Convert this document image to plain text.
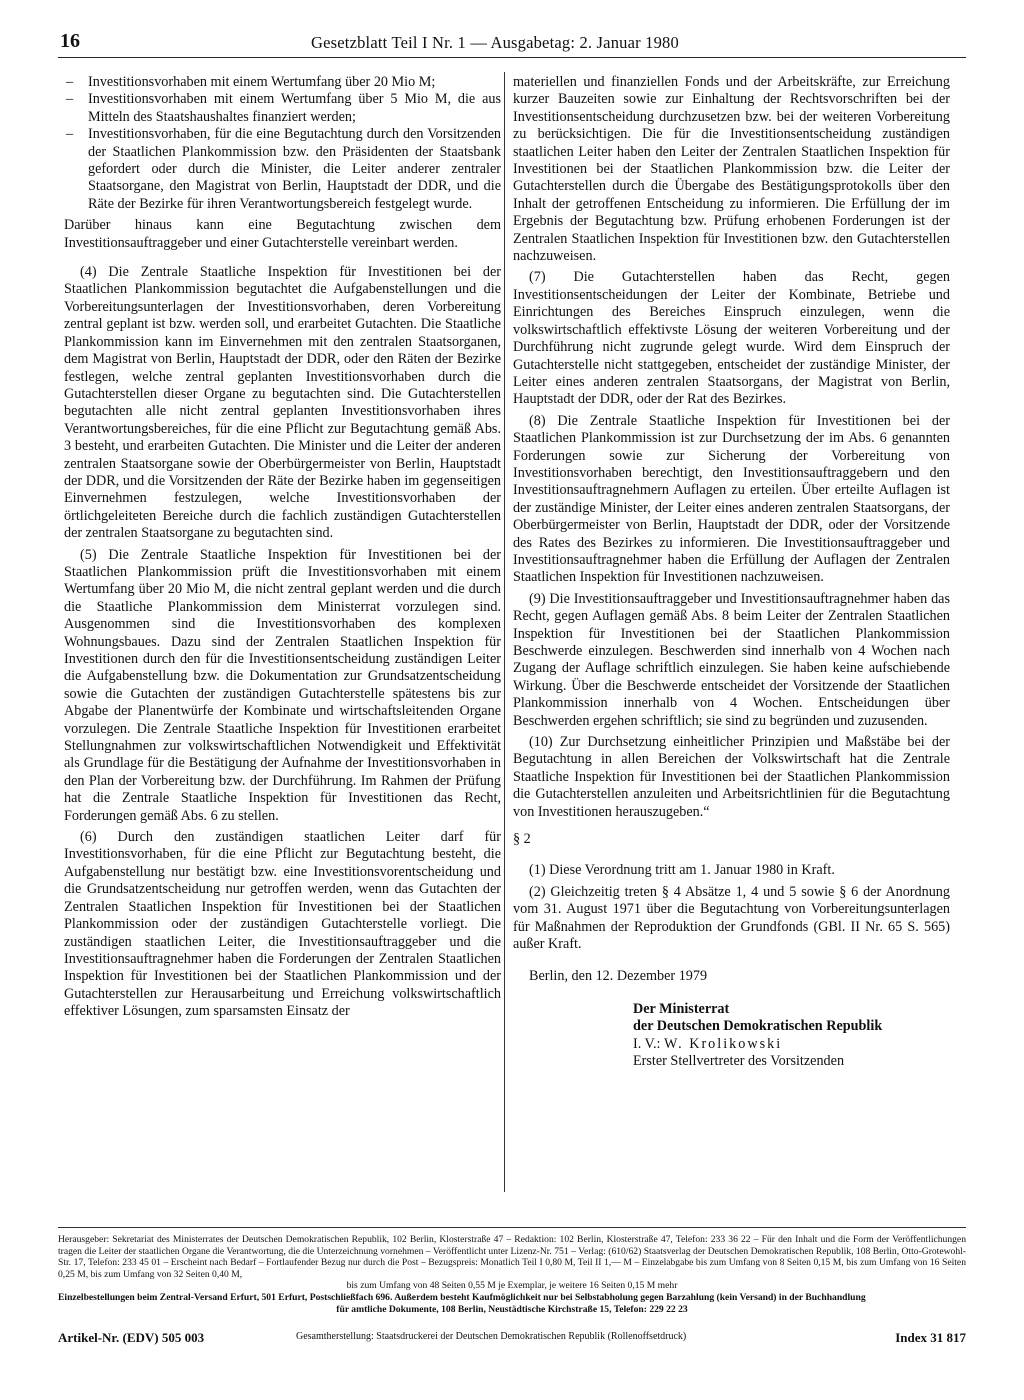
16	Gesetzblatt Teil I Nr. 1 — Ausgabetag: 2. Januar 1980
– Investitionsvorhaben mit einem Wertumfang über 20 Mio M;
– Investitionsvorhaben mit einem Wertumfang über 5 Mio M, die aus Mitteln des Staatshaushaltes finanziert werden;
– Investitionsvorhaben, für die eine Begutachtung durch den Vorsitzenden der Staatlichen Plankommission bzw. den Präsidenten der Staatsbank gefordert oder durch die Minister, die Leiter anderer zentraler Staatsorgane, den Magistrat von Berlin, Hauptstadt der DDR, und die Räte der Bezirke für ihren Verantwortungsbereich festgelegt wurde.

Darüber hinaus kann eine Begutachtung zwischen dem Investitionsauftraggeber und einer Gutachterstelle vereinbart werden.

(4) Die Zentrale Staatliche Inspektion für Investitionen bei der Staatlichen Plankommission begutachtet die Aufgabenstellungen und die Vorbereitungsunterlagen der Investitionsvorhaben, deren Vorbereitung zentral geplant ist bzw. werden soll, und erarbeitet Gutachten. Die Staatliche Plankommission kann im Einvernehmen mit den zentralen Staatsorganen, dem Magistrat von Berlin, Hauptstadt der DDR, oder den Räten der Bezirke festlegen, welche zentral geplanten Investitionsvorhaben durch die Gutachterstellen dieser Organe zu begutachten sind. Die Gutachterstellen begutachten alle nicht zentral geplanten Investitionsvorhaben ihres Verantwortungsbereiches, für die eine Pflicht zur Begutachtung gemäß Abs. 3 besteht, und erarbeiten Gutachten. Die Minister und die Leiter der anderen zentralen Staatsorgane sowie der Oberbürgermeister von Berlin, Hauptstadt der DDR, und die Vorsitzenden der Räte der Bezirke haben im gegenseitigen Einvernehmen festzulegen, welche Investitionsvorhaben der örtlichgeleiteten Bereiche durch die fachlich zuständigen Gutachterstellen der zentralen Staatsorgane zu begutachten sind.

(5) Die Zentrale Staatliche Inspektion für Investitionen bei der Staatlichen Plankommission prüft die Investitionsvorhaben mit einem Wertumfang über 20 Mio M, die nicht zentral geplant werden und die durch die Staatliche Plankommission dem Ministerrat vorzulegen sind. Ausgenommen sind die Investitionsvorhaben des komplexen Wohnungsbaues. Dazu sind der Zentralen Staatlichen Inspektion für Investitionen durch den für die Investitionsentscheidung zuständigen Leiter die Aufgabenstellung bzw. die Dokumentation zur Grundsatzentscheidung sowie die Gutachten der zuständigen Gutachterstelle spätestens bis zur Abgabe der Planentwürfe der Kombinate und wirtschaftsleitenden Organe vorzulegen. Die Zentrale Staatliche Inspektion für Investitionen erarbeitet Stellungnahmen zur volkswirtschaftlichen Notwendigkeit und Effektivität als Grundlage für die Bestätigung der Aufnahme der Investitionsvorhaben in den Plan der Vorbereitung bzw. der Durchführung. Im Rahmen der Prüfung hat die Zentrale Staatliche Inspektion für Investitionen das Recht, Forderungen gemäß Abs. 6 zu stellen.

(6) Durch den zuständigen staatlichen Leiter darf für Investitionsvorhaben, für die eine Pflicht zur Begutachtung besteht, die Aufgabenstellung nur bestätigt bzw. eine Investitionsvorentscheidung und die Grundsatzentscheidung nur getroffen werden, wenn das Gutachten der Zentralen Staatlichen Inspektion für Investitionen bei der Staatlichen Plankommission oder der zuständigen Gutachterstelle vorliegt. Die zuständigen staatlichen Leiter, die Investitionsauftraggeber und die Investitionsauftragnehmer haben die Forderungen der Zentralen Staatlichen Inspektion für Investitionen bei der Staatlichen Plankommission und der Gutachterstellen zur Herausarbeitung und Erreichung volkswirtschaftlich effektiver Lösungen, zum sparsamsten Einsatz der

materiellen und finanziellen Fonds und der Arbeitskräfte, zur Erreichung kurzer Bauzeiten sowie zur Einhaltung der Rechtsvorschriften bei der Investitionsentscheidung durchzusetzen bzw. bei der weiteren Vorbereitung zu berücksichtigen. Die für die Investitionsentscheidung zuständigen staatlichen Leiter haben den Leiter der Zentralen Staatlichen Inspektion für Investitionen bei der Staatlichen Plankommission bzw. die Leiter der Gutachterstellen durch die Übergabe des Bestätigungsprotokolls über den Inhalt der getroffenen Entscheidung zu informieren. Die Erfüllung der im Ergebnis der Begutachtung bzw. Prüfung erhobenen Forderungen ist der Zentralen Staatlichen Inspektion für Investitionen bzw. den Gutachterstellen nachzuweisen.

(7) Die Gutachterstellen haben das Recht, gegen Investitionsentscheidungen der Leiter der Kombinate, Betriebe und Einrichtungen des Bereiches Einspruch einzulegen, wenn die volkswirtschaftlich effektivste Lösung der weiteren Vorbereitung und der Durchführung nicht zugrunde gelegt wurde. Wird dem Einspruch der Gutachterstelle nicht stattgegeben, entscheidet der zuständige Minister, der Leiter eines anderen zentralen Staatsorgans, der Magistrat von Berlin, Hauptstadt der DDR, oder der Rat des Bezirkes.

(8) Die Zentrale Staatliche Inspektion für Investitionen bei der Staatlichen Plankommission ist zur Durchsetzung der im Abs. 6 genannten Forderungen sowie zur Sicherung der Vorbereitung von Investitionsvorhaben berechtigt, den Investitionsauftraggebern und den Investitionsauftragnehmern Auflagen zu erteilen. Über erteilte Auflagen ist der zuständige Minister, der Leiter eines anderen zentralen Staatsorgans, der Oberbürgermeister von Berlin, Hauptstadt der DDR, oder der Vorsitzende des Rates des Bezirkes zu informieren. Die Investitionsauftraggeber und Investitionsauftragnehmer haben die Erfüllung der Auflagen der Zentralen Staatlichen Inspektion für Investitionen nachzuweisen.

(9) Die Investitionsauftraggeber und Investitionsauftragnehmer haben das Recht, gegen Auflagen gemäß Abs. 8 beim Leiter der Zentralen Staatlichen Inspektion für Investitionen bei der Staatlichen Plankommission Beschwerde einzulegen. Beschwerden sind innerhalb von 4 Wochen nach Zugang der Auflage schriftlich einzulegen. Sie haben keine aufschiebende Wirkung. Über die Beschwerde entscheidet der Vorsitzende der Staatlichen Plankommission innerhalb von 4 Wochen. Entscheidungen über Beschwerden ergehen schriftlich; sie sind zu begründen und zuzusenden.

(10) Zur Durchsetzung einheitlicher Prinzipien und Maßstäbe bei der Begutachtung in allen Bereichen der Volkswirtschaft hat die Zentrale Staatliche Inspektion für Investitionen bei der Staatlichen Plankommission die Gutachterstellen anzuleiten und Arbeitsrichtlinien für die Begutachtung von Investitionen herauszugeben.“

§ 2

(1) Diese Verordnung tritt am 1. Januar 1980 in Kraft.

(2) Gleichzeitig treten § 4 Absätze 1, 4 und 5 sowie § 6 der Anordnung vom 31. August 1971 über die Begutachtung von Vorbereitungsunterlagen für Maßnahmen der Reproduktion der Grundfonds (GBl. II Nr. 65 S. 565) außer Kraft.

Berlin, den 12. Dezember 1979

Der Ministerrat

der Deutschen Demokratischen Republik

I. V.: W. Krolikowski

Erster Stellvertreter des Vorsitzenden

Herausgeber: Sekretariat des Ministerrates der Deutschen Demokratischen Republik, 102 Berlin, Klosterstraße 47 – Redaktion: 102 Berlin, Klosterstraße 47, Telefon: 233 36 22 – Für den Inhalt und die Form der Veröffentlichungen tragen die Leiter der staatlichen Organe die Verantwortung, die die Unterzeichnung vornehmen – Veröffentlicht unter Lizenz-Nr. 751 – Verlag: (610/62) Staatsverlag der Deutschen Demokratischen Republik, 108 Berlin, Otto-Grotewohl-Str. 17, Telefon: 233 45 01 – Erscheint nach Bedarf – Fortlaufender Bezug nur durch die Post – Bezugspreis: Monatlich Teil I 0,80 M, Teil II 1,— M – Einzelabgabe bis zum Umfang von 8 Seiten 0,15 M, bis zum Umfang von 16 Seiten 0,25 M, bis zum Umfang von 32 Seiten 0,40 M,

bis zum Umfang von 48 Seiten 0,55 M je Exemplar, je weitere 16 Seiten 0,15 M mehr

Einzelbestellungen beim Zentral-Versand Erfurt, 501 Erfurt, Postschließfach 696. Außerdem besteht Kaufmöglichkeit nur bei Selbstabholung gegen Barzahlung (kein Versand) in der Buchhandlung

für amtliche Dokumente, 108 Berlin, Neustädtische Kirchstraße 15, Telefon: 229 22 23

Artikel-Nr. (EDV) 505 003	Gesamtherstellung: Staatsdruckerei der Deutschen Demokratischen Republik (Rollenoffsetdruck)	Index 31 817
